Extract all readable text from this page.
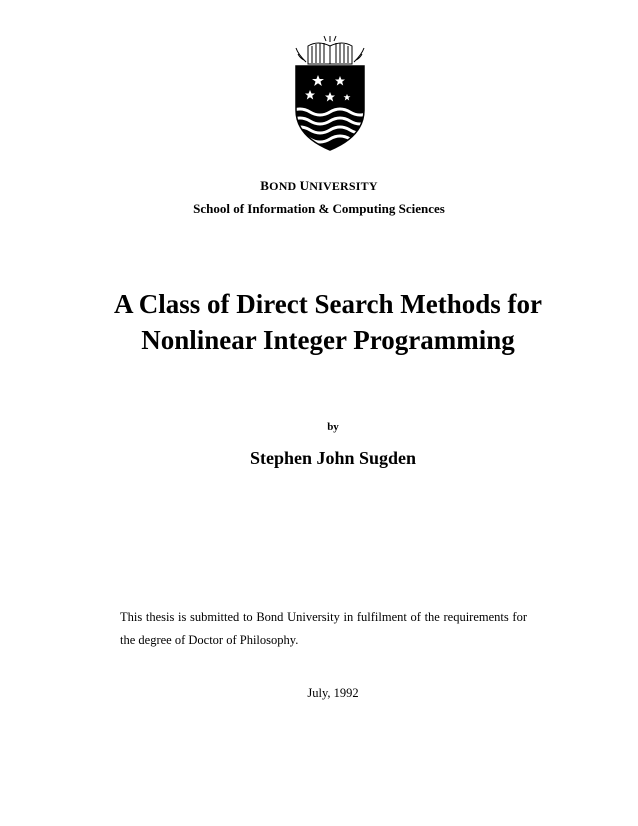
BOND UNIVERSITY
School of Information & Computing Sciences
A Class of Direct Search Methods for
Nonlinear Integer Programming
by
Stephen John Sugden
This thesis is submitted to Bond University in fulfilment of the requirements for the degree of Doctor of Philosophy.
July, 1992
